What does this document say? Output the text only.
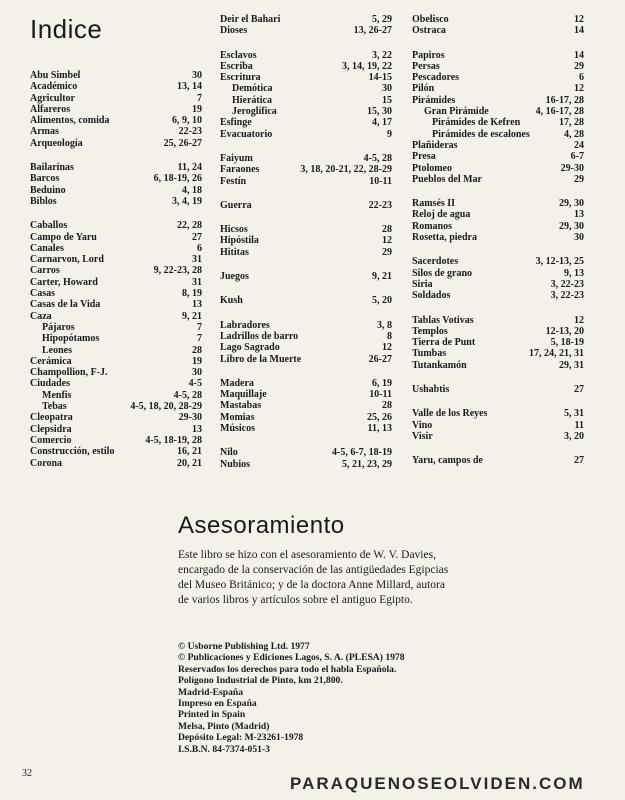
Indice
Abu Simbel	30
Académico	13, 14
Agricultor	7
Alfareros	19
Alimentos, comida	6, 9, 10
Armas	22-23
Arqueología	25, 26-27
Bailarinas	11, 24
Barcos	6, 18-19, 26
Beduino	4, 18
Biblos	3, 4, 19
Caballos	22, 28
Campo de Yaru	27
Canales	6
Carnarvon, Lord	31
Carros	9, 22-23, 28
Carter, Howard	31
Casas	8, 19
Casas de la Vida	13
Caza	9, 21
Pájaros	7
Hipopótamos	7
Leones	28
Cerámica	19
Champollion, F-J.	30
Ciudades	4-5
Menfis	4-5, 28
Tebas	4-5, 18, 20, 28-29
Cleopatra	29-30
Clepsidra	13
Comercio	4-5, 18-19, 28
Construcción, estilo	16, 21
Corona	20, 21
Deir el Bahari	5, 29
Dioses	13, 26-27
Esclavos	3, 22
Escriba	3, 14, 19, 22
Escritura	14-15
Demótica	30
Hierática	15
Jeroglífica	15, 30
Esfinge	4, 17
Evacuatorio	9
Faiyum	4-5, 28
Faraones	3, 18, 20-21, 22, 28-29
Festín	10-11
Guerra	22-23
Hicsos	28
Hipóstila	12
Hititas	29
Juegos	9, 21
Kush	5, 20
Labradores	3, 8
Ladrillos de barro	8
Lago Sagrado	12
Libro de la Muerte	26-27
Madera	6, 19
Maquillaje	10-11
Mastabas	28
Momias	25, 26
Músicos	11, 13
Nilo	4-5, 6-7, 18-19
Nubios	5, 21, 23, 29
Obelisco	12
Ostraca	14
Papiros	14
Persas	29
Pescadores	6
Pilón	12
Pirámides	16-17, 28
Gran Pirámide	4, 16-17, 28
Pirámides de Kefren	17, 28
Pirámides de escalones	4, 28
Plañideras	24
Presa	6-7
Ptolomeo	29-30
Pueblos del Mar	29
Ramsés II	29, 30
Reloj de agua	13
Romanos	29, 30
Rosetta, piedra	30
Sacerdotes	3, 12-13, 25
Silos de grano	9, 13
Siria	3, 22-23
Soldados	3, 22-23
Tablas Votivas	12
Templos	12-13, 20
Tierra de Punt	5, 18-19
Tumbas	17, 24, 21, 31
Tutankamón	29, 31
Ushabtis	27
Valle de los Reyes	5, 31
Vino	11
Visir	3, 20
Yaru, campos de	27
Asesoramiento

Este libro se hizo con el asesoramiento de W. V. Davies, encargado de la conservación de las antigüedades Egipcias del Museo Británico; y de la doctora Anne Millard, autora de varios libros y artículos sobre el antiguo Egipto.

© Usborne Publishing Ltd. 1977
© Publicaciones y Ediciones Lagos, S. A. (PLESA) 1978
Reservados los derechos para todo el habla Española.
Polígono Industrial de Pinto, km 21,800.
Madrid-España
Impreso en España
Printed in Spain
Melsa, Pinto (Madrid)
Depósito Legal: M-23261-1978
I.S.B.N. 84-7374-051-3
32
PARAQUENOSEOLVIDEN.COM
